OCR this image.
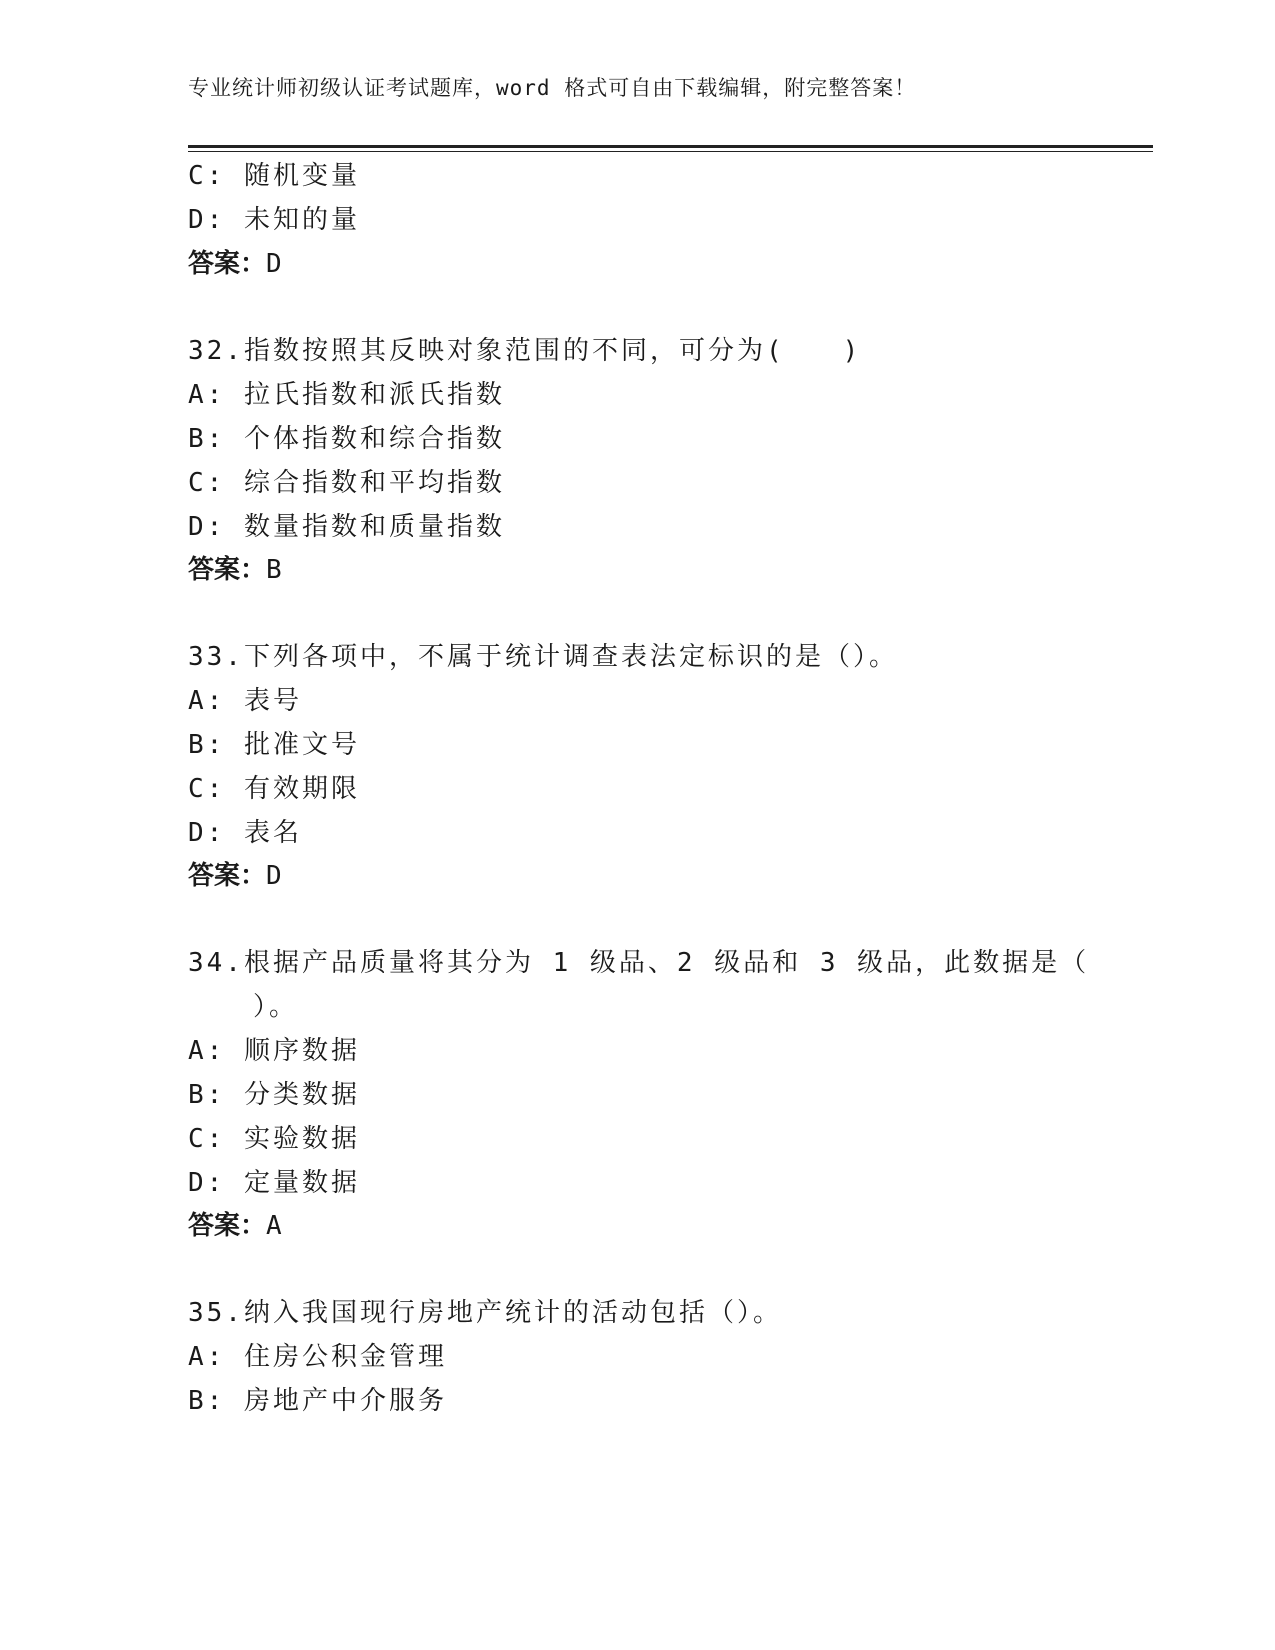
专业统计师初级认证考试题库，word 格式可自由下载编辑，附完整答案！
C: 随机变量
D: 未知的量
答案：D
32.指数按照其反映对象范围的不同，可分为(　　)
A: 拉氏指数和派氏指数
B: 个体指数和综合指数
C: 综合指数和平均指数
D: 数量指数和质量指数
答案：B
33.下列各项中，不属于统计调查表法定标识的是（）。
A: 表号
B: 批准文号
C: 有效期限
D: 表名
答案：D
34.根据产品质量将其分为 1 级品、2 级品和 3 级品，此数据是（
）。
A: 顺序数据
B: 分类数据
C: 实验数据
D: 定量数据
答案：A
35.纳入我国现行房地产统计的活动包括（）。
A: 住房公积金管理
B: 房地产中介服务
